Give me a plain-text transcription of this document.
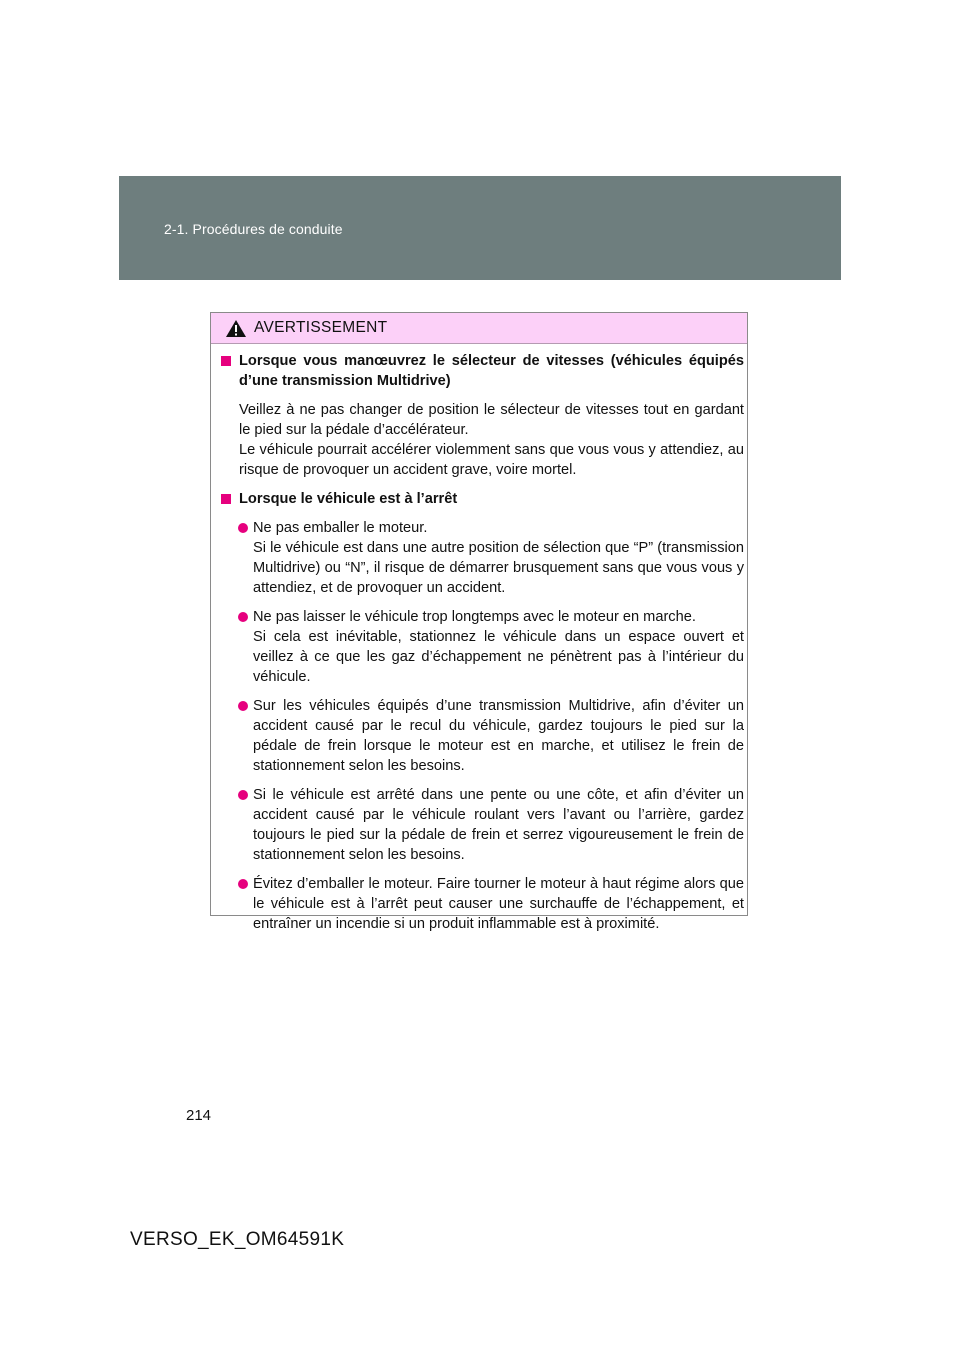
2-1. Procédures de conduite
AVERTISSEMENT
Lorsque vous manœuvrez le sélecteur de vitesses (véhicules équipés d’une transmission Multidrive)
Veillez à ne pas changer de position le sélecteur de vitesses tout en gardant le pied sur la pédale d’accélérateur.
Le véhicule pourrait accélérer violemment sans que vous vous y attendiez, au risque de provoquer un accident grave, voire mortel.
Lorsque le véhicule est à l’arrêt
Ne pas emballer le moteur.
Si le véhicule est dans une autre position de sélection que “P” (transmission Multidrive) ou “N”, il risque de démarrer brusquement sans que vous vous y attendiez, et de provoquer un accident.
Ne pas laisser le véhicule trop longtemps avec le moteur en marche.
Si cela est inévitable, stationnez le véhicule dans un espace ouvert et veillez à ce que les gaz d’échappement ne pénètrent pas à l’intérieur du véhicule.
Sur les véhicules équipés d’une transmission Multidrive, afin d’éviter un accident causé par le recul du véhicule, gardez toujours le pied sur la pédale de frein lorsque le moteur est en marche, et utilisez le frein de stationnement selon les besoins.
Si le véhicule est arrêté dans une pente ou une côte, et afin d’éviter un accident causé par le véhicule roulant vers l’avant ou l’arrière, gardez toujours le pied sur la pédale de frein et serrez vigoureusement le frein de stationnement selon les besoins.
Évitez d’emballer le moteur. Faire tourner le moteur à haut régime alors que le véhicule est à l’arrêt peut causer une surchauffe de l’échappement, et entraîner un incendie si un produit inflammable est à proximité.
214
VERSO_EK_OM64591K
